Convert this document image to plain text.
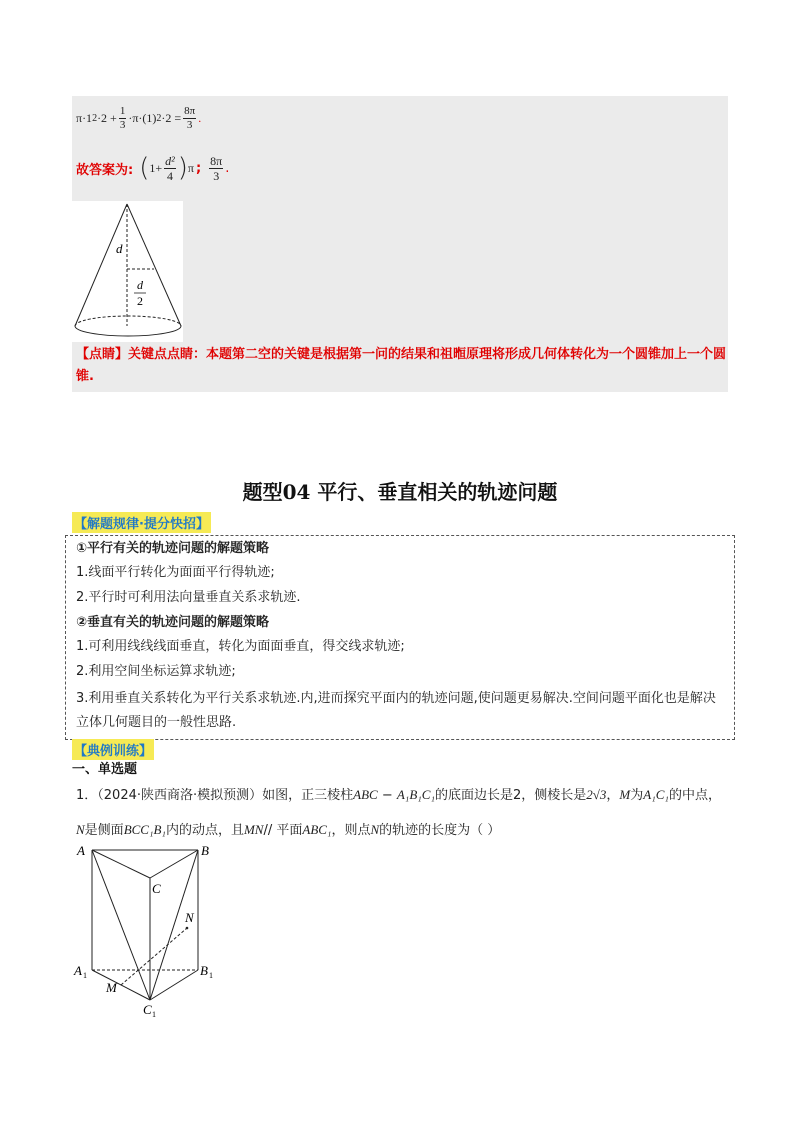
π ·1 $2 \cdot 2 + \frac{1}{3} \cdot\pi\cdot(1)$ $2 \cdot 2 = \frac{8\pi}{3}$ .
故答案为: ( $1+ \frac{\text{d²}}{4}$ ) π ; $\frac{8\pi}{3}$ .
d
d
2
【点睛】关键点点睛：本题第二空的关键是根据第一问的结果和祖暅原理将形成几何体转化为一个圆锥加上一个圆锥.
题型04 平行、垂直相关的轨迹问题
【解题规律·提分快招】
①平行有关的轨迹问题的解题策略
1.线面平行转化为面面平行得轨迹;
2.平行时可利用法向量垂直关系求轨迹.
②垂直有关的轨迹问题的解题策略
1.可利用线线线面垂直，转化为面面垂直，得交线求轨迹;
2.利用空间坐标运算求轨迹;
3.利用垂直关系转化为平行关系求轨迹.内,进而探究平面内的轨迹问题,使问题更易解决.空间问题平面化也是解决立体几何题目的一般性思路.
【典例训练】
一、单选题
1．（2024·陕西商洛·模拟预测）如图，正三棱柱ABC − A₁B₁C₁的底面边长是2，侧棱长是2√3，M为A₁C₁的中点，N是侧面BCC₁B₁内的动点，且MN// 平面ABC₁，则点N的轨迹的长度为（ ）
A	B
C
A 1	B 1
C 1
M
N
